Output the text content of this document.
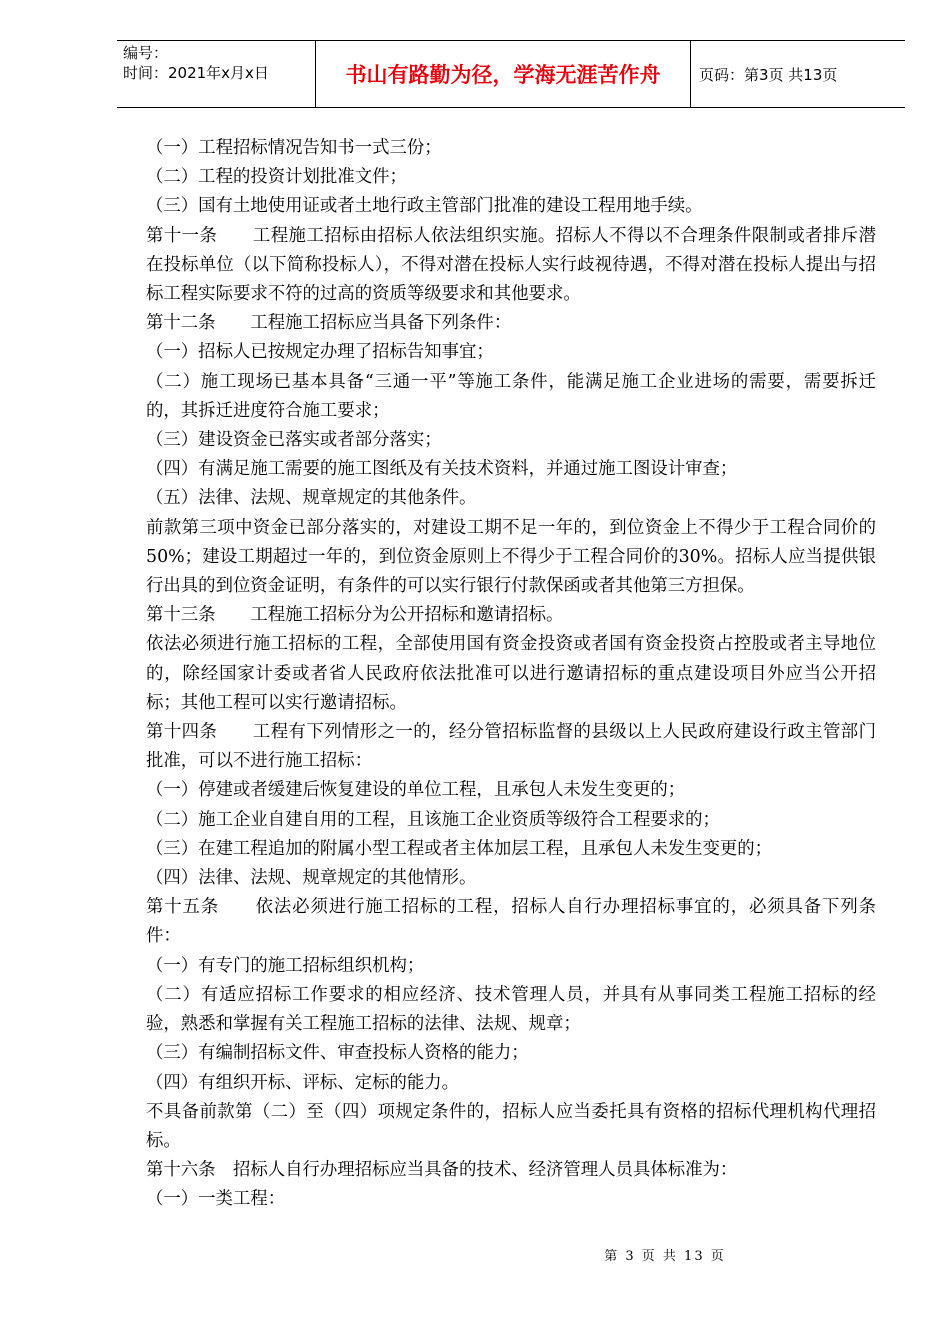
编号：
时间：2021年x月x日	书山有路勤为径，学海无涯苦作舟	页码：第3页 共13页

（一）工程招标情况告知书一式三份；

（二）工程的投资计划批准文件；

（三）国有土地使用证或者土地行政主管部门批准的建设工程用地手续。

第十一条　　工程施工招标由招标人依法组织实施。招标人不得以不合理条件限制或者排斥潜在投标单位（以下简称投标人），不得对潜在投标人实行歧视待遇，不得对潜在投标人提出与招标工程实际要求不符的过高的资质等级要求和其他要求。

第十二条　　工程施工招标应当具备下列条件：

（一）招标人已按规定办理了招标告知事宜；

（二）施工现场已基本具备“三通一平”等施工条件，能满足施工企业进场的需要，需要拆迁的，其拆迁进度符合施工要求；

（三）建设资金已落实或者部分落实；

（四）有满足施工需要的施工图纸及有关技术资料，并通过施工图设计审查；

（五）法律、法规、规章规定的其他条件。

前款第三项中资金已部分落实的，对建设工期不足一年的，到位资金上不得少于工程合同价的50%；建设工期超过一年的，到位资金原则上不得少于工程合同价的30%。招标人应当提供银行出具的到位资金证明，有条件的可以实行银行付款保函或者其他第三方担保。

第十三条　　工程施工招标分为公开招标和邀请招标。

依法必须进行施工招标的工程，全部使用国有资金投资或者国有资金投资占控股或者主导地位的，除经国家计委或者省人民政府依法批准可以进行邀请招标的重点建设项目外应当公开招标；其他工程可以实行邀请招标。

第十四条　　工程有下列情形之一的，经分管招标监督的县级以上人民政府建设行政主管部门批准，可以不进行施工招标：

（一）停建或者缓建后恢复建设的单位工程，且承包人未发生变更的；

（二）施工企业自建自用的工程，且该施工企业资质等级符合工程要求的；

（三）在建工程追加的附属小型工程或者主体加层工程，且承包人未发生变更的；

（四）法律、法规、规章规定的其他情形。

第十五条　　依法必须进行施工招标的工程，招标人自行办理招标事宜的，必须具备下列条件：

（一）有专门的施工招标组织机构；

（二）有适应招标工作要求的相应经济、技术管理人员，并具有从事同类工程施工招标的经验，熟悉和掌握有关工程施工招标的法律、法规、规章；

（三）有编制招标文件、审查投标人资格的能力；

（四）有组织开标、评标、定标的能力。

不具备前款第（二）至（四）项规定条件的，招标人应当委托具有资格的招标代理机构代理招标。

第十六条　招标人自行办理招标应当具备的技术、经济管理人员具体标准为：

（一）一类工程：

第 3 页 共 13 页
